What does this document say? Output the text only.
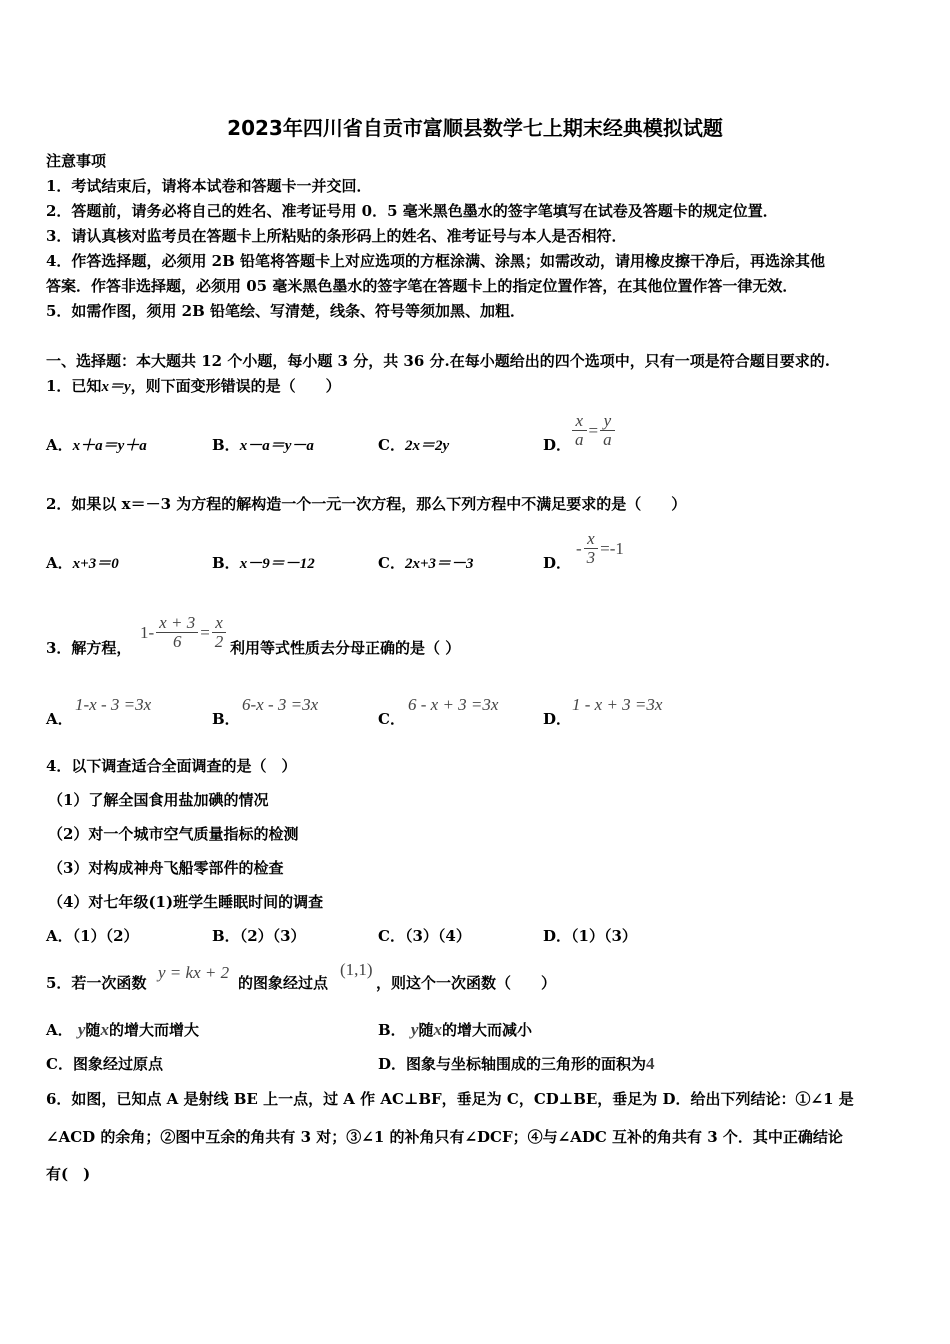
2023年四川省自贡市富顺县数学七上期末经典模拟试题
注意事项
1．考试结束后，请将本试卷和答题卡一并交回．
2．答题前，请务必将自己的姓名、准考证号用 0．5 毫米黑色墨水的签字笔填写在试卷及答题卡的规定位置．
3．请认真核对监考员在答题卡上所粘贴的条形码上的姓名、准考证号与本人是否相符．
4．作答选择题，必须用 2B 铅笔将答题卡上对应选项的方框涂满、涂黑；如需改动，请用橡皮擦干净后，再选涂其他
答案．作答非选择题，必须用 05 毫米黑色墨水的签字笔在答题卡上的指定位置作答，在其他位置作答一律无效．
5．如需作图，须用 2B 铅笔绘、写清楚，线条、符号等须加黑、加粗．
一、选择题：本大题共 12 个小题，每小题 3 分，共 36 分.在每小题给出的四个选项中，只有一项是符合题目要求的.
1．已知x＝y，则下面变形错误的是（　　）
A．x＋a＝y＋a	B．x－a＝y－a	C．2x＝2y	D． $\frac{x}{a} = \frac{y}{a}$
2．如果以 x＝－3 为方程的解构造一个一元一次方程，那么下列方程中不满足要求的是（　　）
A．x+3＝0	B．x－9＝－12	C．2x+3＝－3	D．
- $\frac{x}{3} =-1$
3．解方程，
$1- \frac{x + 3}{6} = \frac{x}{2}$ 利用等式性质去分母正确的是（ ）
A．
1-x - 3 =3x
B．
6-x - 3 =3x
C．
6 - x + 3 =3x
D．
1 - x + 3 =3x
4．以下调查适合全面调查的是（　）
（1）了解全国食用盐加碘的情况
（2）对一个城市空气质量指标的检测
（3）对构成神舟飞船零部件的检查
（4）对七年级(1)班学生睡眠时间的调查
A．（1）（2）	B．（2）（3）	C．（3）（4）	D．（1）（3）
5．若一次函数
y = kx + 2
的图象经过点
(1,1)
，则这个一次函数（　　）
A． y随x的增大而增大	B． y随x的增大而减小
C．图象经过原点	D．图象与坐标轴围成的三角形的面积为4
6．如图，已知点 A 是射线 BE 上一点，过 A 作 AC⊥BF，垂足为 C，CD⊥BE，垂足为 D．给出下列结论：①∠1 是
∠ACD 的余角；②图中互余的角共有 3 对；③∠1 的补角只有∠DCF；④与∠ADC 互补的角共有 3 个．其中正确结论
有(　)
